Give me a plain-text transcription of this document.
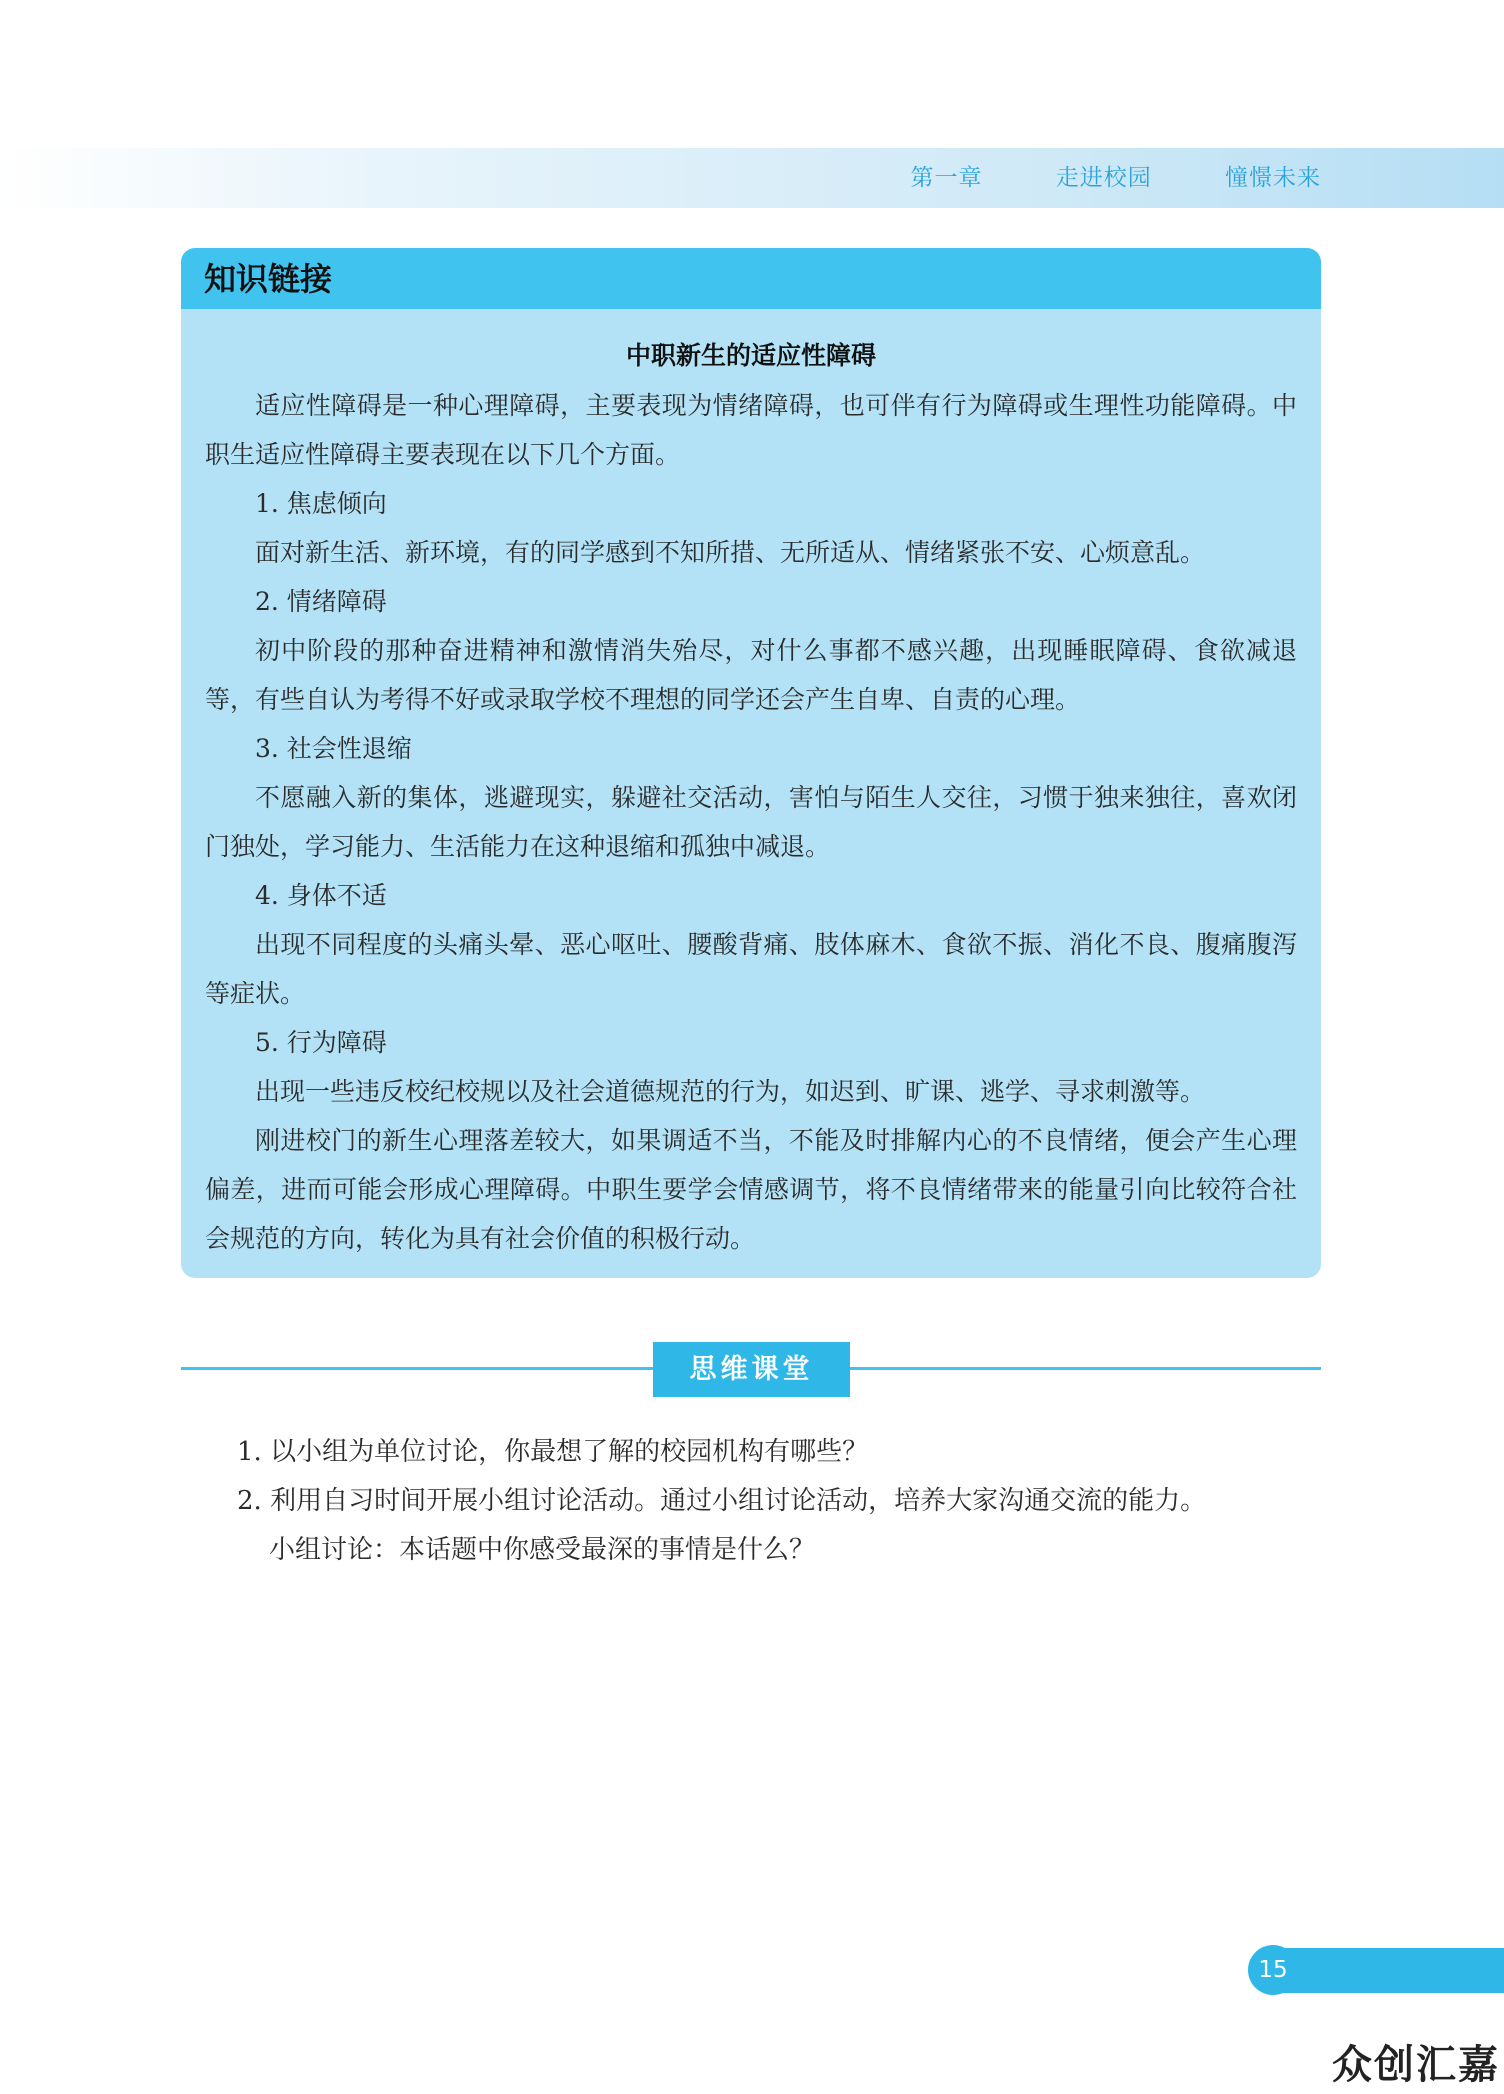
第一章    走进校园    憧憬未来
知识链接
中职新生的适应性障碍

适应性障碍是一种心理障碍，主要表现为情绪障碍，也可伴有行为障碍或生理性功能障碍。中职生适应性障碍主要表现在以下几个方面。

1. 焦虑倾向

面对新生活、新环境，有的同学感到不知所措、无所适从、情绪紧张不安、心烦意乱。

2. 情绪障碍

初中阶段的那种奋进精神和激情消失殆尽，对什么事都不感兴趣，出现睡眠障碍、食欲减退等，有些自认为考得不好或录取学校不理想的同学还会产生自卑、自责的心理。

3. 社会性退缩

不愿融入新的集体，逃避现实，躲避社交活动，害怕与陌生人交往，习惯于独来独往，喜欢闭门独处，学习能力、生活能力在这种退缩和孤独中减退。

4. 身体不适

出现不同程度的头痛头晕、恶心呕吐、腰酸背痛、肢体麻木、食欲不振、消化不良、腹痛腹泻等症状。

5. 行为障碍

出现一些违反校纪校规以及社会道德规范的行为，如迟到、旷课、逃学、寻求刺激等。

刚进校门的新生心理落差较大，如果调适不当，不能及时排解内心的不良情绪，便会产生心理偏差，进而可能会形成心理障碍。中职生要学会情感调节，将不良情绪带来的能量引向比较符合社会规范的方向，转化为具有社会价值的积极行动。

思维课堂

1. 以小组为单位讨论，你最想了解的校园机构有哪些？

2. 利用自习时间开展小组讨论活动。通过小组讨论活动，培养大家沟通交流的能力。

小组讨论：本话题中你感受最深的事情是什么？

15
众创汇嘉
